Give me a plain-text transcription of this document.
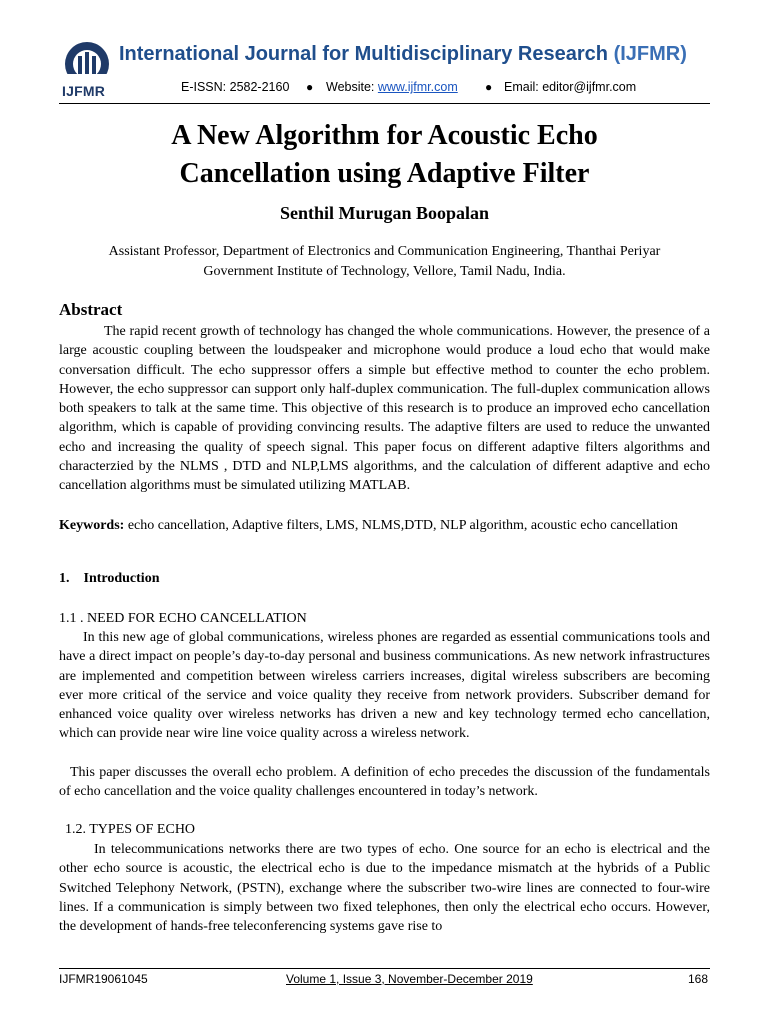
IJFMR
International Journal for Multidisciplinary Research (IJFMR)
E-ISSN: 2582-2160 ● Website: www.ijfmr.com ● Email: editor@ijfmr.com
A New Algorithm for Acoustic Echo
Cancellation using Adaptive Filter
Senthil Murugan Boopalan
Assistant Professor, Department of Electronics and Communication Engineering, Thanthai Periyar
Government Institute of Technology, Vellore, Tamil Nadu, India.
Abstract
The rapid recent growth of technology has changed the whole communications. However, the presence of a large acoustic coupling between the loudspeaker and microphone would produce a loud echo that would make conversation difficult. The echo suppressor offers a simple but effective method to counter the echo problem. However, the echo suppressor can support only half-duplex communication. The full-duplex communication allows both speakers to talk at the same time. This objective of this research is to produce an improved echo cancellation algorithm, which is capable of providing convincing results. The adaptive filters are used to reduce the unwanted echo and increasing the quality of speech signal. This paper focus on different adaptive filters algorithms and characterzied by the NLMS , DTD and NLP,LMS algorithms, and the calculation of different adaptive and echo cancellation algorithms must be simulated utilizing MATLAB.
Keywords: echo cancellation, Adaptive filters, LMS, NLMS,DTD, NLP algorithm, acoustic echo cancellation
1.    Introduction
1.1 . NEED FOR ECHO CANCELLATION
In this new age of global communications, wireless phones are regarded as essential communications tools and have a direct impact on people’s day-to-day personal and business communications. As new network infrastructures are implemented and competition between wireless carriers increases, digital wireless subscribers are becoming ever more critical of the service and voice quality they receive from network providers. Subscriber demand for enhanced voice quality over wireless networks has driven a new and key technology termed echo cancellation, which can provide near wire line voice quality across a wireless network.
This paper discusses the overall echo problem. A definition of echo precedes the discussion of the fundamentals of echo cancellation and the voice quality challenges encountered in today’s network.
1.2. TYPES OF ECHO
In telecommunications networks there are two types of echo. One source for an echo is electrical and the other echo source is acoustic, the electrical echo is due to the impedance mismatch at the hybrids of a Public Switched Telephony Network, (PSTN), exchange where the subscriber two-wire lines are connected to four-wire lines. If a communication is simply between two fixed telephones, then only the electrical echo occurs. However, the development of hands-free teleconferencing systems gave rise to
IJFMR19061045	Volume 1, Issue 3, November-December 2019	168
